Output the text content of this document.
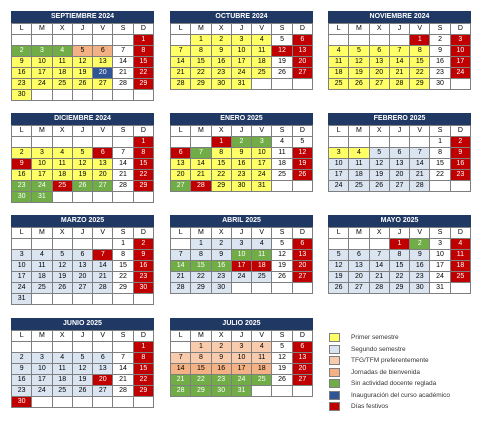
SEPTIEMBRE 2024
L	M	X	J	V	S	D
						1
2	3	4	5	6	7	8
9	10	11	12	13	14	15
16	17	18	19	20	21	22
23	24	25	26	27	28	29
30						
OCTUBRE 2024
L	M	X	J	V	S	D
	1	2	3	4	5	6
7	8	9	10	11	12	13
14	15	16	17	18	19	20
21	22	23	24	25	26	27
28	29	30	31			
NOVIEMBRE 2024
L	M	X	J	V	S	D
				1	2	3
4	5	6	7	8	9	10
11	12	13	14	15	16	17
18	19	20	21	22	23	24
25	26	27	28	29	30	
DICIEMBRE 2024
L	M	X	J	V	S	D
						1
2	3	4	5	6	7	8
9	10	11	12	13	14	15
16	17	18	19	20	21	22
23	24	25	26	27	28	29
30	31					
ENERO 2025
L	M	X	J	V	S	D
		1	2	3	4	5
6	7	8	9	10	11	12
13	14	15	16	17	18	19
20	21	22	23	24	25	26
27	28	29	30	31		
FEBRERO 2025
L	M	X	J	V	S	D
					1	2
3	4	5	6	7	8	9
10	11	12	13	14	15	16
17	18	19	20	21	22	23
24	25	26	27	28		
MARZO 2025
L	M	X	J	V	S	D
					1	2
3	4	5	6	7	8	9
10	11	12	13	14	15	16
17	18	19	20	21	22	23
24	25	26	27	28	29	30
31						
ABRIL 2025
L	M	X	J	V	S	D
	1	2	3	4	5	6
7	8	9	10	11	12	13
14	15	16	17	18	19	20
21	22	23	24	25	26	27
28	29	30				
MAYO 2025
L	M	X	J	V	S	D
			1	2	3	4
5	6	7	8	9	10	11
12	13	14	15	16	17	18
19	20	21	22	23	24	25
26	27	28	29	30	31	
JUNIO 2025
L	M	X	J	V	S	D
						1
2	3	4	5	6	7	8
9	10	11	12	13	14	15
16	17	18	19	20	21	22
23	24	25	26	27	28	29
30						
JULIO 2025
L	M	X	J	V	S	D
	1	2	3	4	5	6
7	8	9	10	11	12	13
14	15	16	17	18	19	20
21	22	23	24	25	26	27
28	29	30	31			
Primer semestre
Segundo semestre
TFG/TFM preferentemente
Jornadas de bienvenida
Sin actividad docente reglada
Inauguración del curso académico
Días festivos
